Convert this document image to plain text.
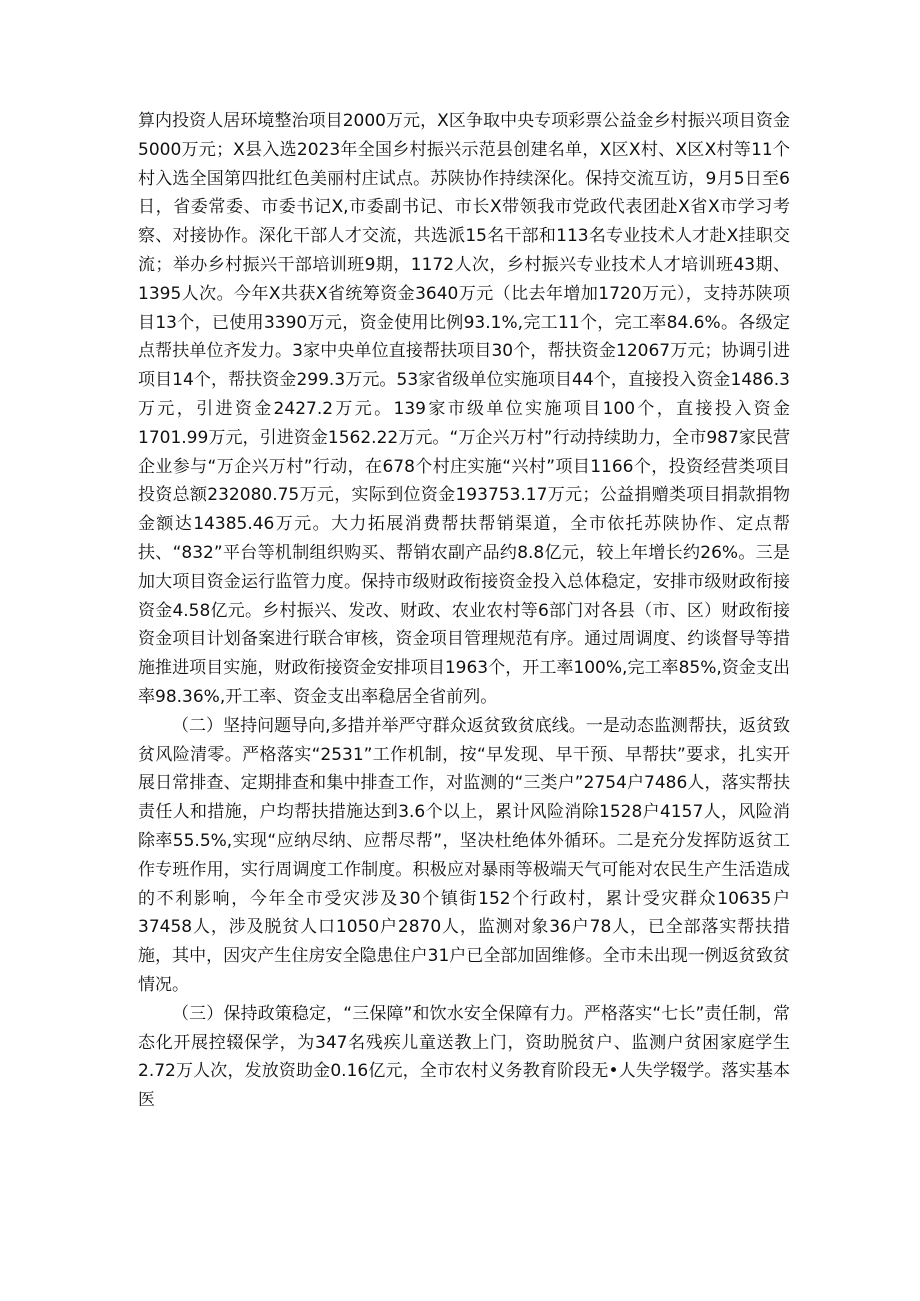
算内投资人居环境整治项目2000万元，X区争取中央专项彩票公益金乡村振兴项目资金5000万元；X县入选2023年全国乡村振兴示范县创建名单，X区X村、X区X村等11个村入选全国第四批红色美丽村庄试点。苏陕协作持续深化。保持交流互访，9月5日至6日，省委常委、市委书记X,市委副书记、市长X带领我市党政代表团赴X省X市学习考察、对接协作。深化干部人才交流，共选派15名干部和113名专业技术人才赴X挂职交流；举办乡村振兴干部培训班9期，1172人次，乡村振兴专业技术人才培训班43期、1395人次。今年X共获X省统筹资金3640万元（比去年增加1720万元），支持苏陕项目13个，已使用3390万元，资金使用比例93.1%,完工11个，完工率84.6%。各级定点帮扶单位齐发力。3家中央单位直接帮扶项目30个，帮扶资金12067万元；协调引进项目14个，帮扶资金299.3万元。53家省级单位实施项目44个，直接投入资金1486.3万元，引进资金2427.2万元。139家市级单位实施项目100个，直接投入资金1701.99万元，引进资金1562.22万元。“万企兴万村”行动持续助力，全市987家民营企业参与“万企兴万村”行动，在678个村庄实施“兴村”项目1166个，投资经营类项目投资总额232080.75万元，实际到位资金193753.17万元；公益捐赠类项目捐款捐物金额达14385.46万元。大力拓展消费帮扶帮销渠道，全市依托苏陕协作、定点帮扶、“832”平台等机制组织购买、帮销农副产品约8.8亿元，较上年增长约26%。三是加大项目资金运行监管力度。保持市级财政衔接资金投入总体稳定，安排市级财政衔接资金4.58亿元。乡村振兴、发改、财政、农业农村等6部门对各县（市、区）财政衔接资金项目计划备案进行联合审核，资金项目管理规范有序。通过周调度、约谈督导等措施推进项目实施，财政衔接资金安排项目1963个，开工率100%,完工率85%,资金支出率98.36%,开工率、资金支出率稳居全省前列。

（二）坚持问题导向,多措并举严守群众返贫致贫底线。一是动态监测帮扶，返贫致贫风险清零。严格落实“2531”工作机制，按“早发现、早干预、早帮扶”要求，扎实开展日常排查、定期排查和集中排查工作，对监测的“三类户”2754户7486人，落实帮扶责任人和措施，户均帮扶措施达到3.6个以上，累计风险消除1528户4157人，风险消除率55.5%,实现“应纳尽纳、应帮尽帮”，坚决杜绝体外循环。二是充分发挥防返贫工作专班作用，实行周调度工作制度。积极应对暴雨等极端天气可能对农民生产生活造成的不利影响，今年全市受灾涉及30个镇街152个行政村，累计受灾群众10635户37458人，涉及脱贫人口1050户2870人，监测对象36户78人，已全部落实帮扶措施，其中，因灾产生住房安全隐患住户31户已全部加固维修。全市未出现一例返贫致贫情况。

（三）保持政策稳定，“三保障”和饮水安全保障有力。严格落实“七长”责任制，常态化开展控辍保学，为347名残疾儿童送教上门，资助脱贫户、监测户贫困家庭学生2.72万人次，发放资助金0.16亿元，全市农村义务教育阶段无•人失学辍学。落实基本医
